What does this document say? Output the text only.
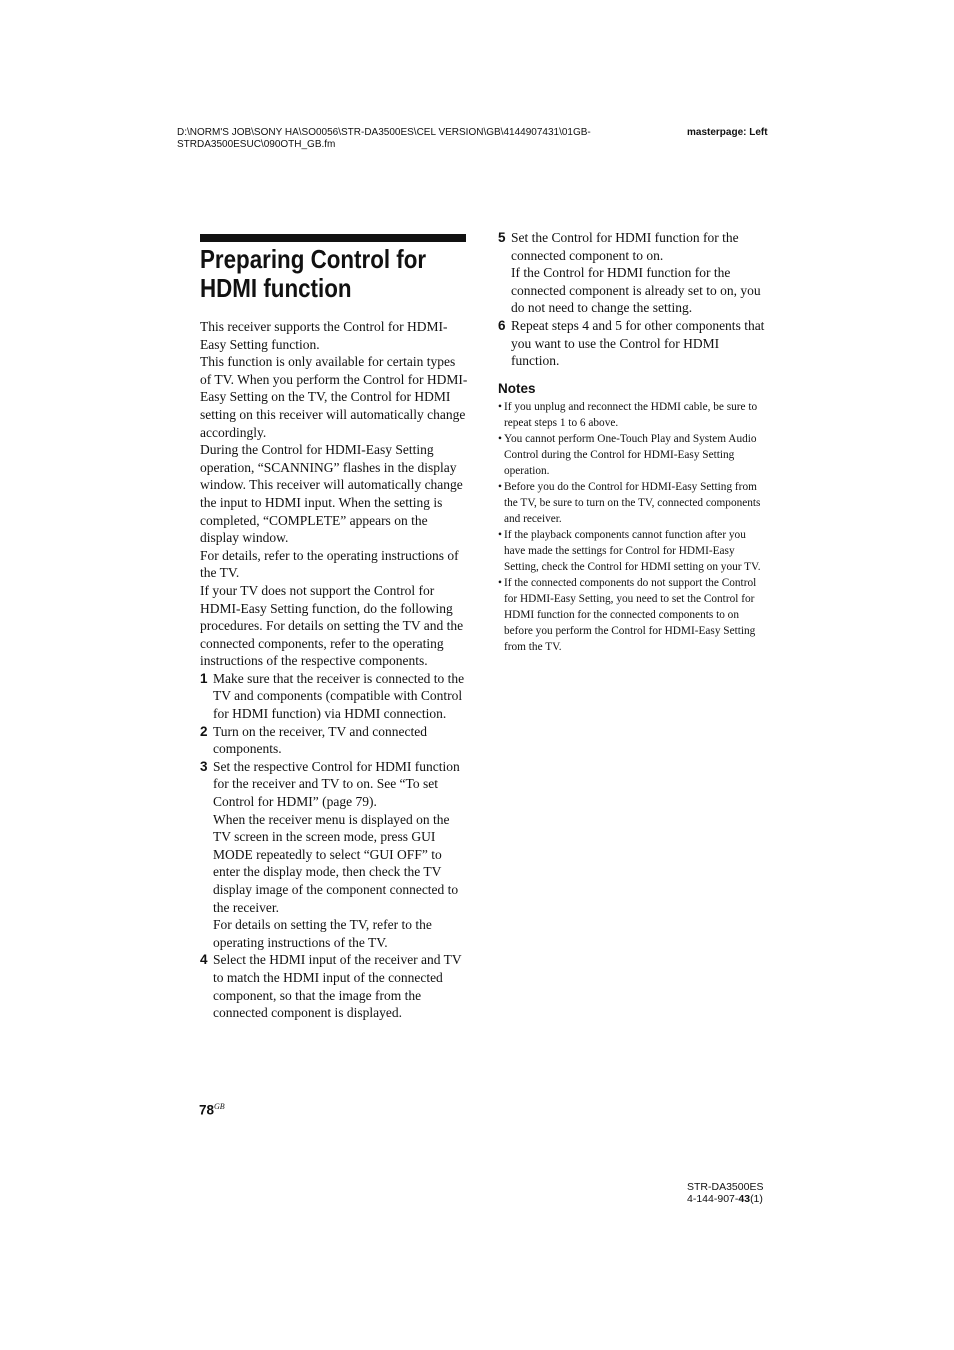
D:\NORM'S JOB\SONY HA\SO0056\STR-DA3500ES\CEL VERSION\GB\4144907431\01GB-
STRDA3500ESUC\090OTH_GB.fm
masterpage: Left
Preparing Control for
HDMI function

This receiver supports the Control for HDMI-Easy Setting function.

This function is only available for certain types of TV. When you perform the Control for HDMI-Easy Setting on the TV, the Control for HDMI setting on this receiver will automatically change accordingly.

During the Control for HDMI-Easy Setting operation, “SCANNING” flashes in the display window. This receiver will automatically change the input to HDMI input. When the setting is completed, “COMPLETE” appears on the display window.

For details, refer to the operating instructions of the TV.

If your TV does not support the Control for HDMI-Easy Setting function, do the following procedures. For details on setting the TV and the connected components, refer to the operating instructions of the respective components.

1 Make sure that the receiver is connected to the TV and components (compatible with Control for HDMI function) via HDMI connection.

2 Turn on the receiver, TV and connected components.

3 Set the respective Control for HDMI function for the receiver and TV to on. See “To set Control for HDMI” (page 79).

When the receiver menu is displayed on the TV screen in the screen mode, press GUI MODE repeatedly to select “GUI OFF” to enter the display mode, then check the TV display image of the component connected to the receiver.

For details on setting the TV, refer to the operating instructions of the TV.

4 Select the HDMI input of the receiver and TV to match the HDMI input of the connected component, so that the image from the connected component is displayed.

5 Set the Control for HDMI function for the connected component to on.

If the Control for HDMI function for the connected component is already set to on, you do not need to change the setting.

6 Repeat steps 4 and 5 for other components that you want to use the Control for HDMI function.

Notes
• If you unplug and reconnect the HDMI cable, be sure to repeat steps 1 to 6 above.
• You cannot perform One-Touch Play and System Audio Control during the Control for HDMI-Easy Setting operation.
• Before you do the Control for HDMI-Easy Setting from the TV, be sure to turn on the TV, connected components and receiver.
• If the playback components cannot function after you have made the settings for Control for HDMI-Easy Setting, check the Control for HDMI setting on your TV.
• If the connected components do not support the Control for HDMI-Easy Setting, you need to set the Control for HDMI function for the connected components to on before you perform the Control for HDMI-Easy Setting from the TV.
$78^{GB}$
STR-DA3500ES
4-144-907-43(1)
